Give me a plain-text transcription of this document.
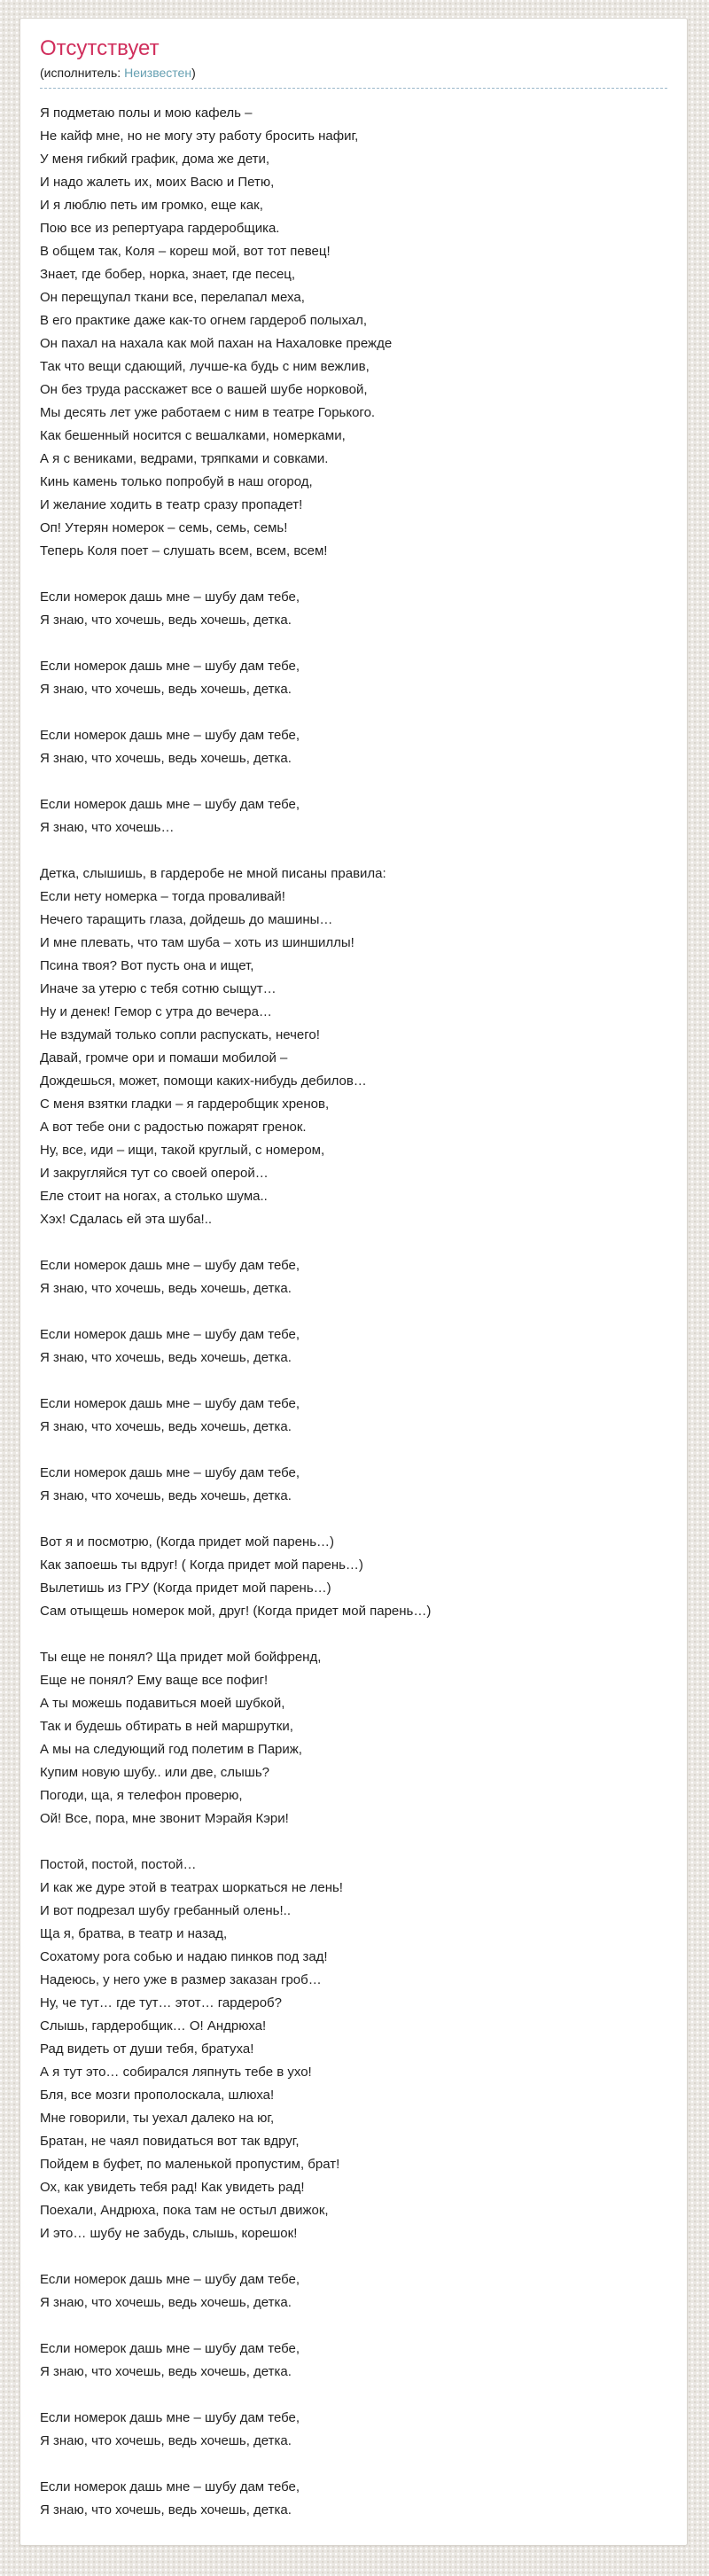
Отсутствует
(исполнитель: Неизвестен)

Я подметаю полы и мою кафель –
Не кайф мне, но не могу эту работу бросить нафиг,
У меня гибкий график, дома же дети,
И надо жалеть их, моих Васю и Петю,
И я люблю петь им громко, еще как,
Пою все из репертуара гардеробщика.
В общем так, Коля – кореш мой, вот тот певец!
Знает, где бобер, норка, знает, где песец,
Он перещупал ткани все, перелапал меха,
В его практике даже как-то огнем гардероб полыхал,
Он пахал на нахала как мой пахан на Нахаловке прежде
Так что вещи сдающий, лучше-ка будь с ним вежлив,
Он без труда расскажет все о вашей шубе норковой,
Мы десять лет уже работаем с ним в театре Горького.
Как бешенный носится с вешалками, номерками,
А я с вениками, ведрами, тряпками и совками.
Кинь камень только попробуй в наш огород,
И желание ходить в театр сразу пропадет!
Оп! Утерян номерок – семь, семь, семь!
Теперь Коля поет – слушать всем, всем, всем!

Если номерок дашь мне – шубу дам тебе,
Я знаю, что хочешь, ведь хочешь, детка.

Если номерок дашь мне – шубу дам тебе,
Я знаю, что хочешь, ведь хочешь, детка.

Если номерок дашь мне – шубу дам тебе,
Я знаю, что хочешь, ведь хочешь, детка.

Если номерок дашь мне – шубу дам тебе,
Я знаю, что хочешь…

Детка, слышишь, в гардеробе не мной писаны правила:
Если нету номерка – тогда проваливай!
Нечего таращить глаза, дойдешь до машины…
И мне плевать, что там шуба – хоть из шиншиллы!
Псина твоя? Вот пусть она и ищет,
Иначе за утерю с тебя сотню сыщут…
Ну и денек! Гемор с утра до вечера…
Не вздумай только сопли распускать, нечего!
Давай, громче ори и помаши мобилой –
Дождешься, может, помощи каких-нибудь дебилов…
С меня взятки гладки – я гардеробщик хренов,
А вот тебе они с радостью пожарят гренок.
Ну, все, иди – ищи, такой круглый, с номером,
И закругляйся тут со своей оперой…
Еле стоит на ногах, а столько шума..
Хэх! Сдалась ей эта шуба!..

Если номерок дашь мне – шубу дам тебе,
Я знаю, что хочешь, ведь хочешь, детка.

Если номерок дашь мне – шубу дам тебе,
Я знаю, что хочешь, ведь хочешь, детка.

Если номерок дашь мне – шубу дам тебе,
Я знаю, что хочешь, ведь хочешь, детка.

Если номерок дашь мне – шубу дам тебе,
Я знаю, что хочешь, ведь хочешь, детка.

Вот я и посмотрю, (Когда придет мой парень…)
Как запоешь ты вдруг! ( Когда придет мой парень…)
Вылетишь из ГРУ (Когда придет мой парень…)
Сам отыщешь номерок мой, друг! (Когда придет мой парень…)

Ты еще не понял? Ща придет мой бойфренд,
Еще не понял? Ему ваще все пофиг!
А ты можешь подавиться моей шубкой,
Так и будешь обтирать в ней маршрутки,
А мы на следующий год полетим в Париж,
Купим новую шубу.. или две, слышь?
Погоди, ща, я телефон проверю,
Ой! Все, пора, мне звонит Мэрайя Кэри!

Постой, постой, постой…
И как же дуре этой в театрах шоркаться не лень!
И вот подрезал шубу гребанный олень!..
Ща я, братва, в театр и назад,
Сохатому рога собью и надаю пинков под зад!
Надеюсь, у него уже в размер заказан гроб…
Ну, че тут… где тут… этот… гардероб?
Слышь, гардеробщик… О! Андрюха!
Рад видеть от души тебя, братуха!
А я тут это… собирался ляпнуть тебе в ухо!
Бля, все мозги прополоскала, шлюха!
Мне говорили, ты уехал далеко на юг,
Братан, не чаял повидаться вот так вдруг,
Пойдем в буфет, по маленькой пропустим, брат!
Ох, как увидеть тебя рад! Как увидеть рад!
Поехали, Андрюха, пока там не остыл движок,
И это… шубу не забудь, слышь, корешок!

Если номерок дашь мне – шубу дам тебе,
Я знаю, что хочешь, ведь хочешь, детка.

Если номерок дашь мне – шубу дам тебе,
Я знаю, что хочешь, ведь хочешь, детка.

Если номерок дашь мне – шубу дам тебе,
Я знаю, что хочешь, ведь хочешь, детка.

Если номерок дашь мне – шубу дам тебе,
Я знаю, что хочешь, ведь хочешь, детка.
